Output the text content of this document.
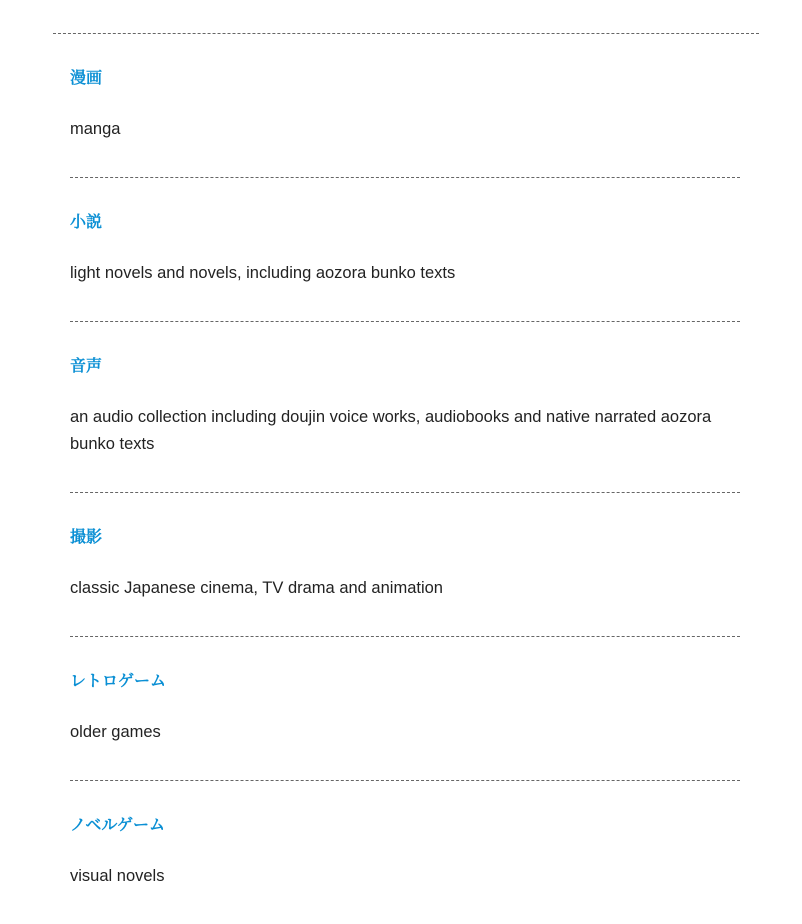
漫画

manga

小説

light novels and novels, including aozora bunko texts

音声

an audio collection including doujin voice works, audiobooks and native narrated aozora bunko texts

撮影

classic Japanese cinema, TV drama and animation

レトロゲーム

older games

ノベルゲーム

visual novels
